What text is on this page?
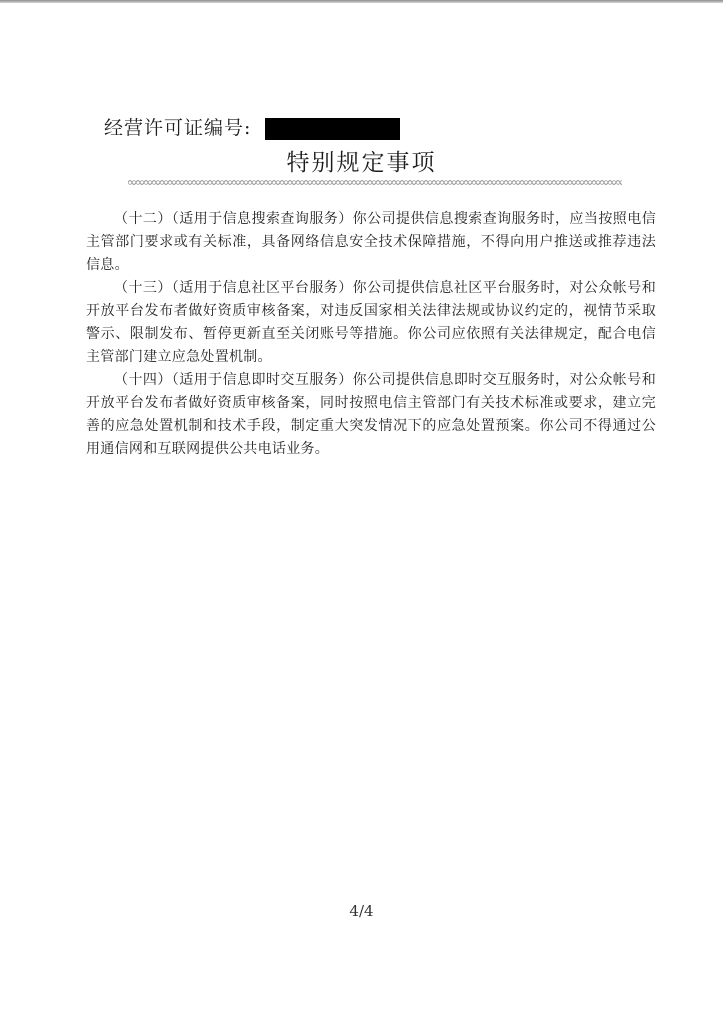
经营许可证编号:
特别规定事项

（十二）（适用于信息搜索查询服务）你公司提供信息搜索查询服务时，应当按照电信主管部门要求或有关标准，具备网络信息安全技术保障措施，不得向用户推送或推荐违法信息。

（十三）（适用于信息社区平台服务）你公司提供信息社区平台服务时，对公众帐号和开放平台发布者做好资质审核备案，对违反国家相关法律法规或协议约定的，视情节采取警示、限制发布、暂停更新直至关闭账号等措施。你公司应依照有关法律规定，配合电信主管部门建立应急处置机制。

（十四）（适用于信息即时交互服务）你公司提供信息即时交互服务时，对公众帐号和开放平台发布者做好资质审核备案，同时按照电信主管部门有关技术标准或要求，建立完善的应急处置机制和技术手段，制定重大突发情况下的应急处置预案。你公司不得通过公用通信网和互联网提供公共电话业务。

4/4
